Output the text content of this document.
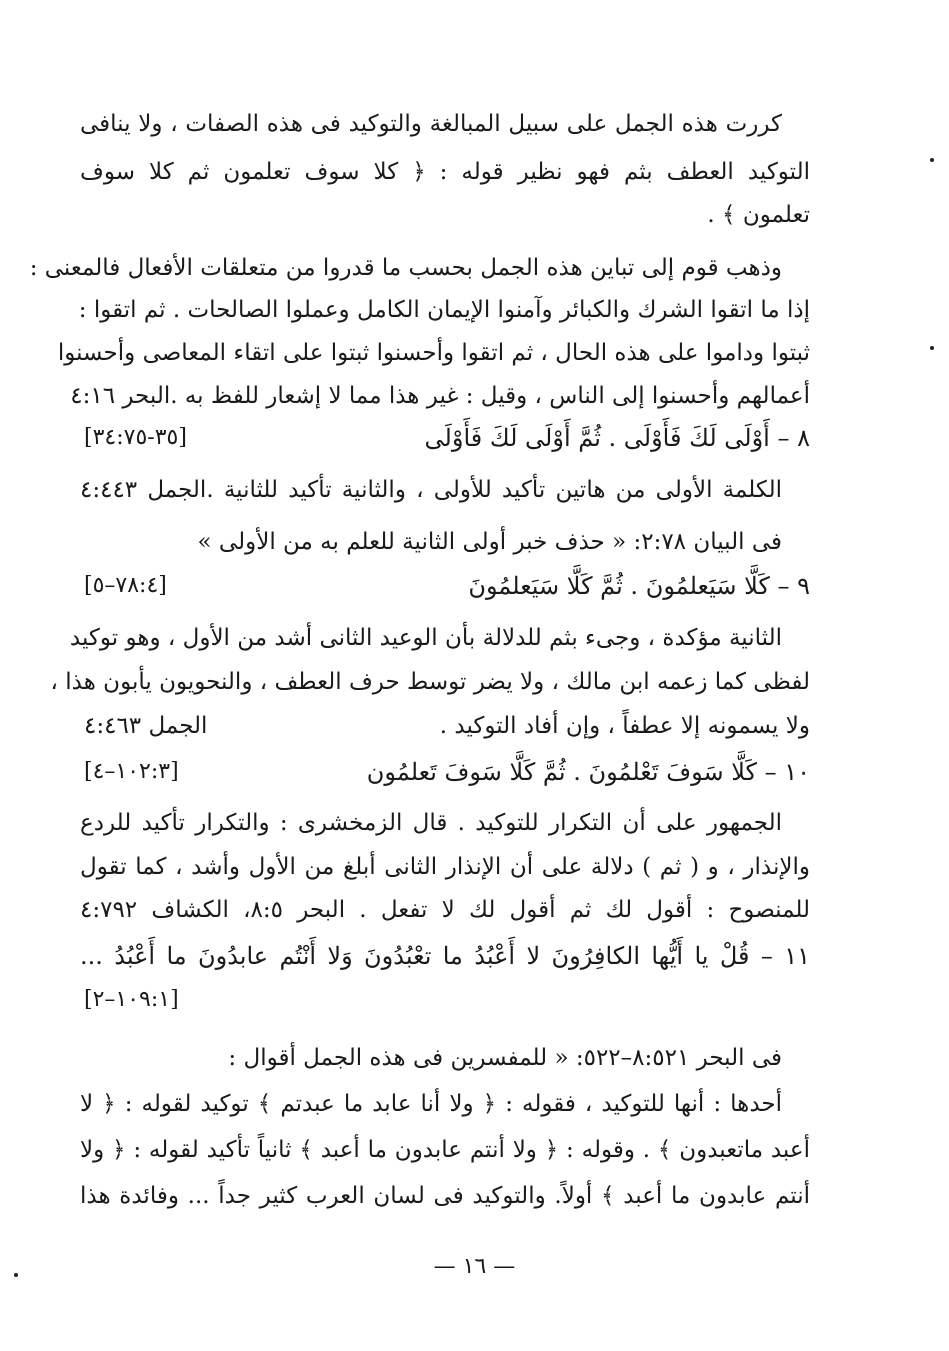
كررت هذه الجمل على سبيل المبالغة والتوكيد فى هذه الصفات ، ولا ينافى
التوكيد العطف بثم فهو نظير قوله : ﴿ كلا سوف تعلمون ثم كلا سوف
تعلمون ﴾ .
وذهب قوم إلى تباين هذه الجمل بحسب ما قدروا من متعلقات الأفعال فالمعنى :
إذا ما اتقوا الشرك والكبائر وآمنوا الإيمان الكامل وعملوا الصالحات . ثم اتقوا :
ثبتوا وداموا على هذه الحال ، ثم اتقوا وأحسنوا ثبتوا على اتقاء المعاصى وأحسنوا
أعمالهم وأحسنوا إلى الناس ، وقيل : غير هذا مما لا إشعار للفظ به .البحر ٤:١٦
٨ – أَوْلَى لَكَ فَأَوْلَى . ثُمَّ أَوْلَى لَكَ فَأَوْلَى
[٣٥-٣٤:٧٥]
الكلمة الأولى من هاتين تأكيد للأولى ، والثانية تأكيد للثانية .الجمل ٤:٤٤٣
فى البيان ٢:٧٨: « حذف خبر أولى الثانية للعلم به من الأولى »
٩ – كَلَّا سَيَعلمُونَ . ثُمَّ كَلَّا سَيَعلمُونَ
[٧٨:٤–٥]
الثانية مؤكدة ، وجىء بثم للدلالة بأن الوعيد الثانى أشد من الأول ، وهو توكيد
لفظى كما زعمه ابن مالك ، ولا يضر توسط حرف العطف ، والنحويون يأبون هذا ،
ولا يسمونه إلا عطفاً ، وإن أفاد التوكيد .
الجمل ٤:٤٦٣
١٠ – كَلَّا سَوفَ تَعْلمُونَ . ثُمَّ كَلَّا سَوفَ تَعلمُون
[١٠٢:٣–٤]
الجمهور على أن التكرار للتوكيد . قال الزمخشرى : والتكرار تأكيد للردع
والإنذار ، و ( ثم ) دلالة على أن الإنذار الثانى أبلغ من الأول وأشد ، كما تقول
للمنصوح : أقول لك ثم أقول لك لا تفعل . البحر ٨:٥، الكشاف ٤:٧٩٢
١١ – قُلْ يا أَيُّها الكافِرُونَ لا أَعْبُدُ ما تعْبُدُونَ وَلا أَنْتُم عابدُونَ ما أَعْبُدُ ...
[١٠٩:١–٢]
فى البحر ٨:٥٢١–٥٢٢: « للمفسرين فى هذه الجمل أقوال :
أحدها : أنها للتوكيد ، فقوله : ﴿ ولا أنا عابد ما عبدتم ﴾ توكيد لقوله : ﴿ لا
أعبد ماتعبدون ﴾ . وقوله : ﴿ ولا أنتم عابدون ما أعبد ﴾ ثانياً تأكيد لقوله : ﴿ ولا
أنتم عابدون ما أعبد ﴾ أولاً. والتوكيد فى لسان العرب كثير جداً ... وفائدة هذا
— ١٦ —
